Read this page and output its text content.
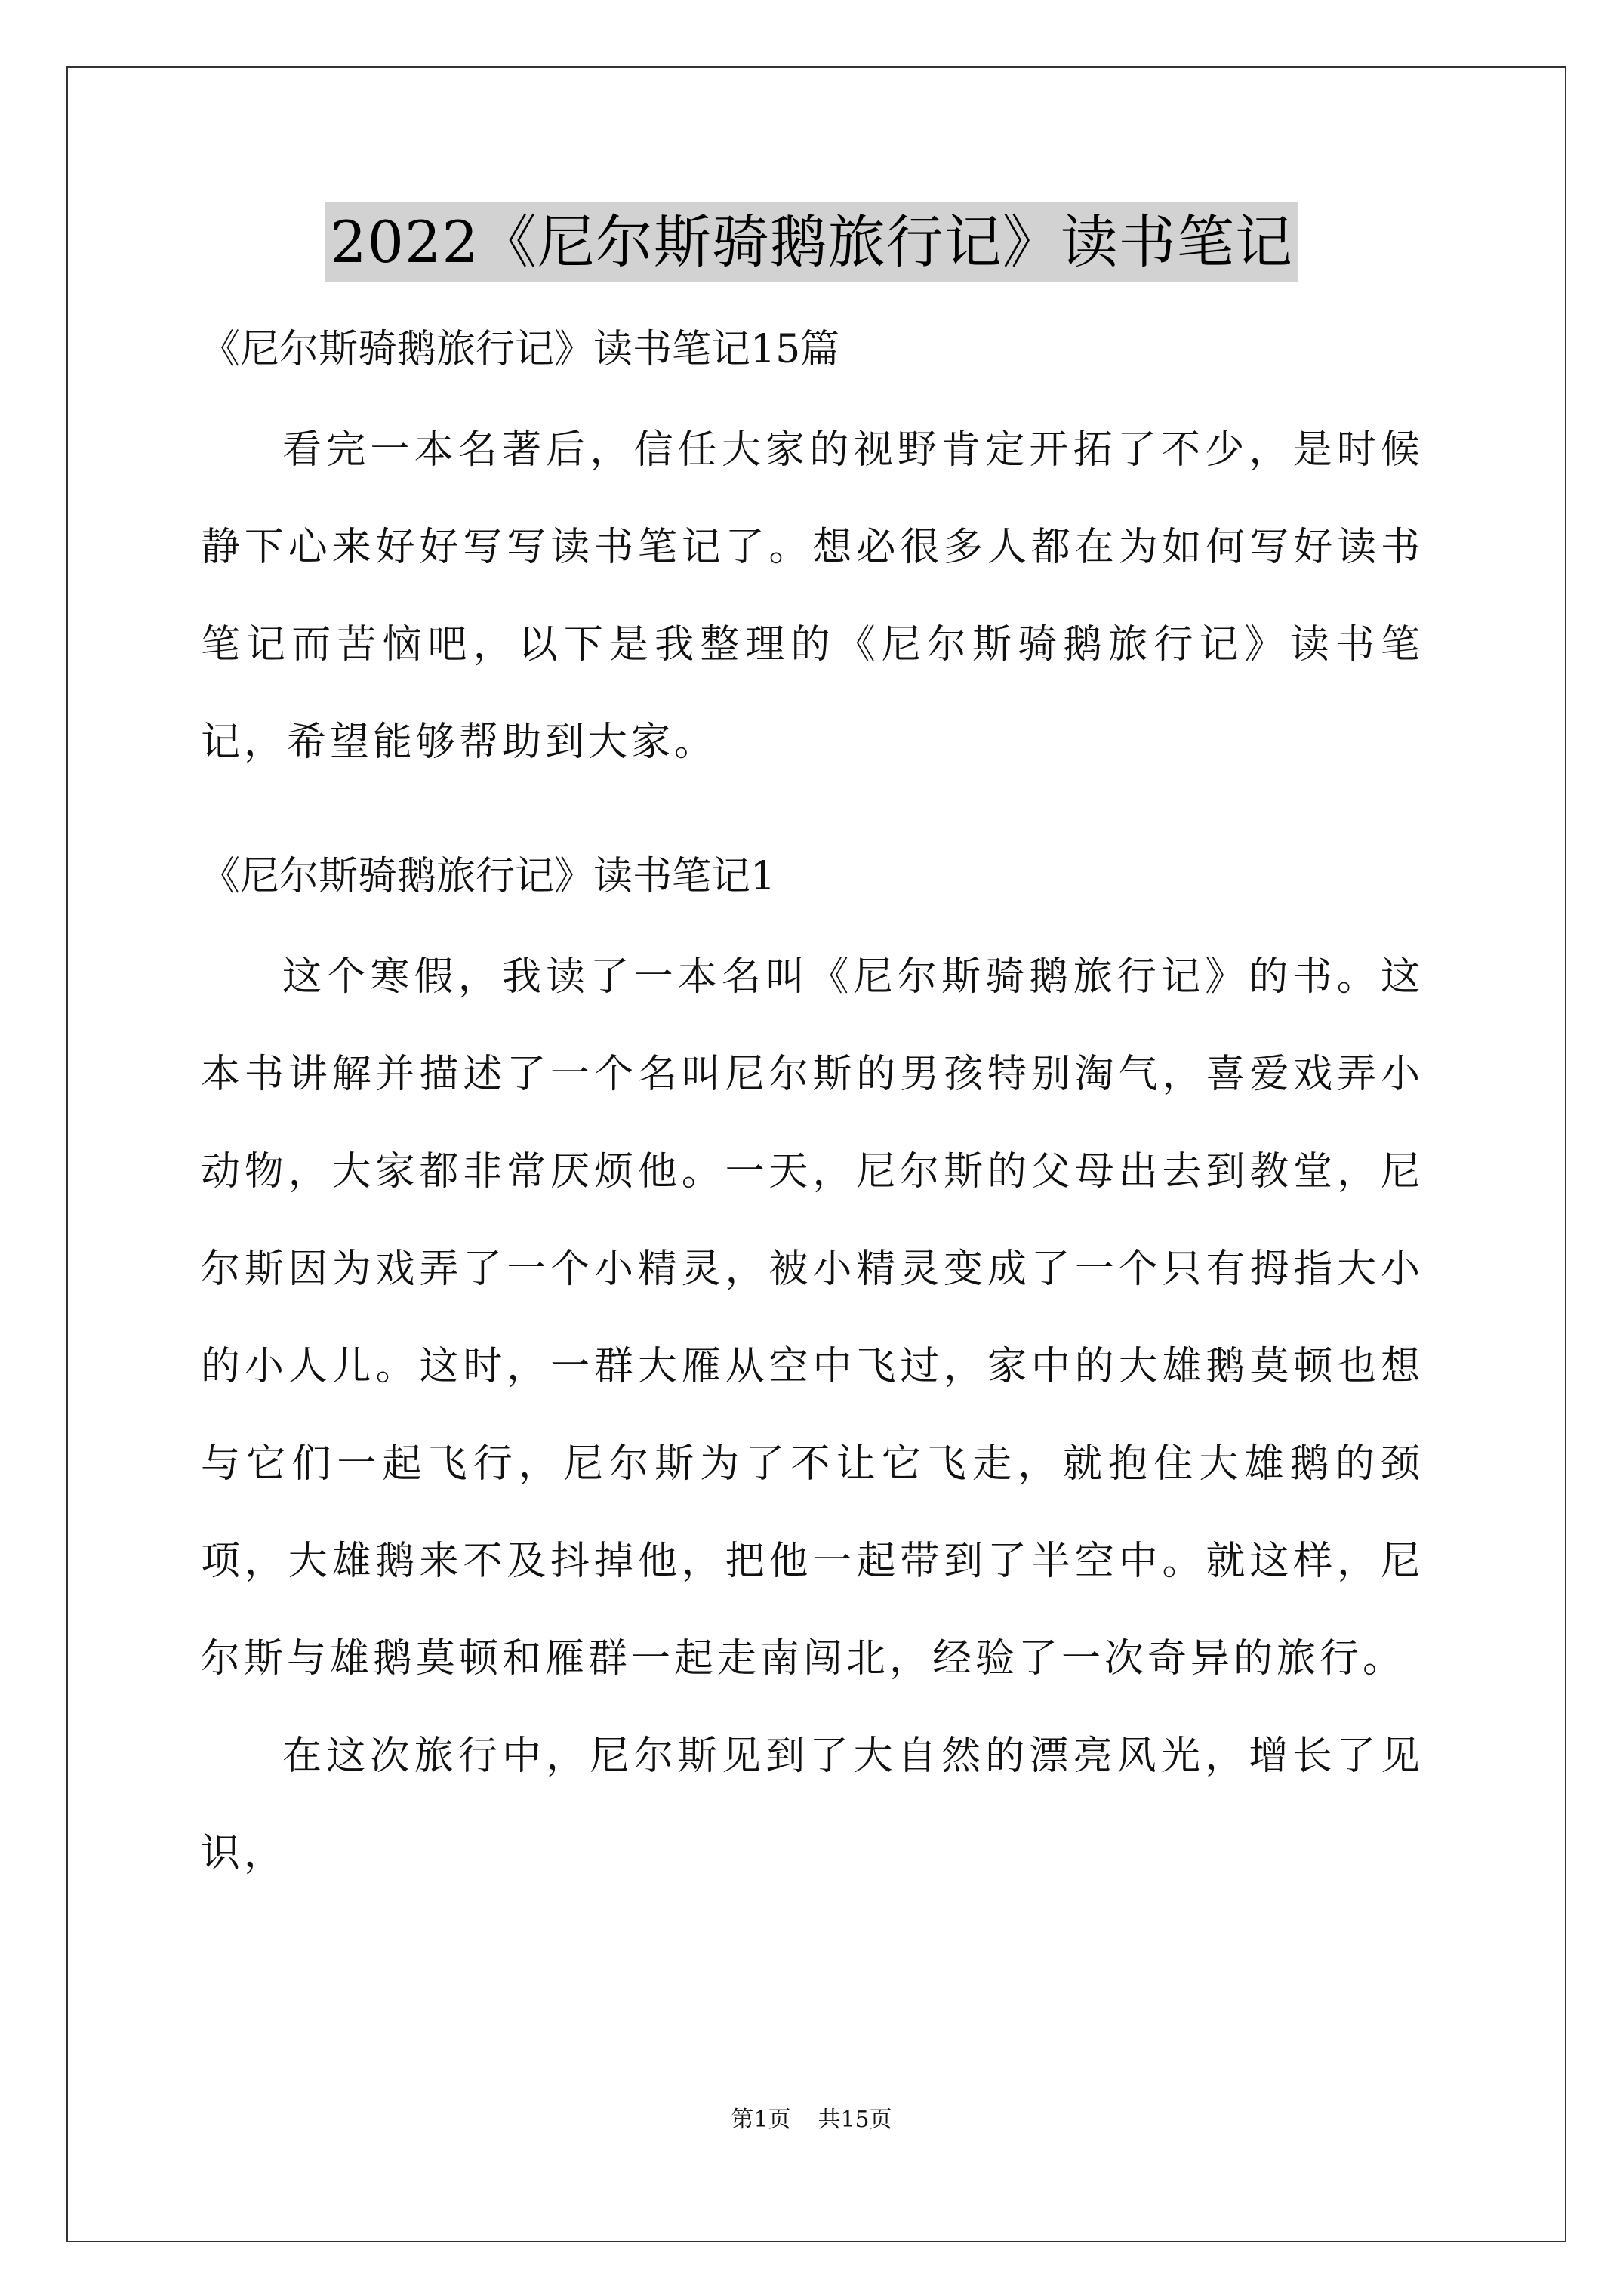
2022《尼尔斯骑鹅旅行记》读书笔记

《尼尔斯骑鹅旅行记》读书笔记15篇

看完一本名著后，信任大家的视野肯定开拓了不少，是时候静下心来好好写写读书笔记了。想必很多人都在为如何写好读书笔记而苦恼吧，以下是我整理的《尼尔斯骑鹅旅行记》读书笔记，希望能够帮助到大家。

《尼尔斯骑鹅旅行记》读书笔记1

这个寒假，我读了一本名叫《尼尔斯骑鹅旅行记》的书。这本书讲解并描述了一个名叫尼尔斯的男孩特别淘气，喜爱戏弄小动物，大家都非常厌烦他。一天，尼尔斯的父母出去到教堂，尼尔斯因为戏弄了一个小精灵，被小精灵变成了一个只有拇指大小的小人儿。这时，一群大雁从空中飞过，家中的大雄鹅莫顿也想与它们一起飞行，尼尔斯为了不让它飞走，就抱住大雄鹅的颈项，大雄鹅来不及抖掉他，把他一起带到了半空中。就这样，尼尔斯与雄鹅莫顿和雁群一起走南闯北，经验了一次奇异的旅行。

在这次旅行中，尼尔斯见到了大自然的漂亮风光，增长了见识，

第1页 共15页
